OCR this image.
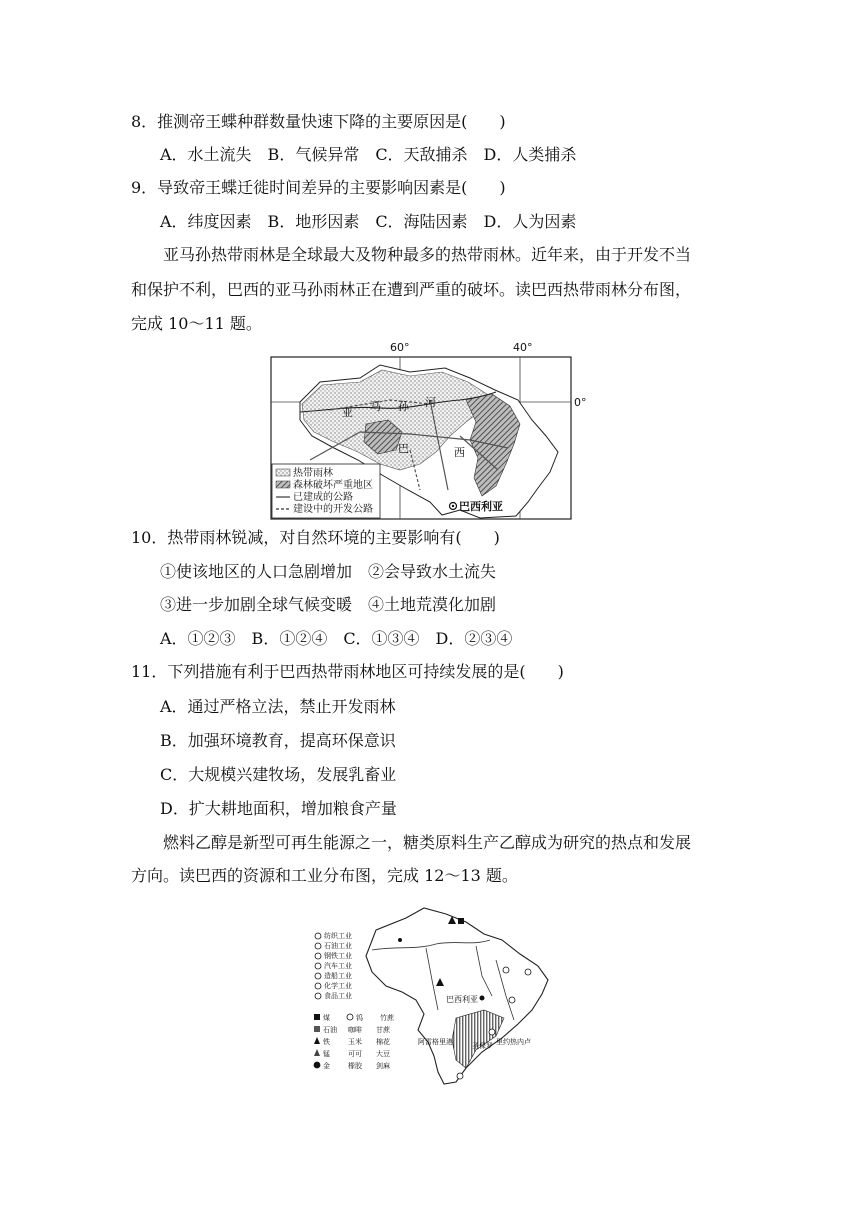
8．推测帝王蝶种群数量快速下降的主要原因是(　　)
A．水土流失　B．气候异常　C．天敌捕杀　D．人类捕杀
9．导致帝王蝶迁徙时间差异的主要影响因素是(　　)
A．纬度因素　B．地形因素　C．海陆因素　D．人为因素
亚马孙热带雨林是全球最大及物种最多的热带雨林。近年来，由于开发不当
和保护不利，巴西的亚马孙雨林正在遭到严重的破坏。读巴西热带雨林分布图，
完成 10～11 题。
60°	40°
0°
亚 马 孙 河
巴	西
热带雨林
森林破坏严重地区
已建成的公路
建设中的开发公路	巴西利亚
10．热带雨林锐减，对自然环境的主要影响有(　　)
①使该地区的人口急剧增加　②会导致水土流失
③进一步加剧全球气候变暖　④土地荒漠化加剧
A．①②③　B．①②④　C．①③④　D．②③④
11．下列措施有利于巴西热带雨林地区可持续发展的是(　　)
A．通过严格立法，禁止开发雨林
B．加强环境教育，提高环保意识
C．大规模兴建牧场，发展乳畜业
D．扩大耕地面积，增加粮食产量
燃料乙醇是新型可再生能源之一，糖类原料生产乙醇成为研究的热点和发展
方向。读巴西的资源和工业分布图，完成 12～13 题。
纺织工业
石油工业
钢铁工业
汽车工业
造船工业
化学工业
食品工业
煤	钨 竹蔗
石油 咖啡 甘蔗
铁	玉米 棉花
锰	可可 大豆
金	橡胶 剑麻
巴西利亚
圣保罗 里约热内卢
阿雷格里港
